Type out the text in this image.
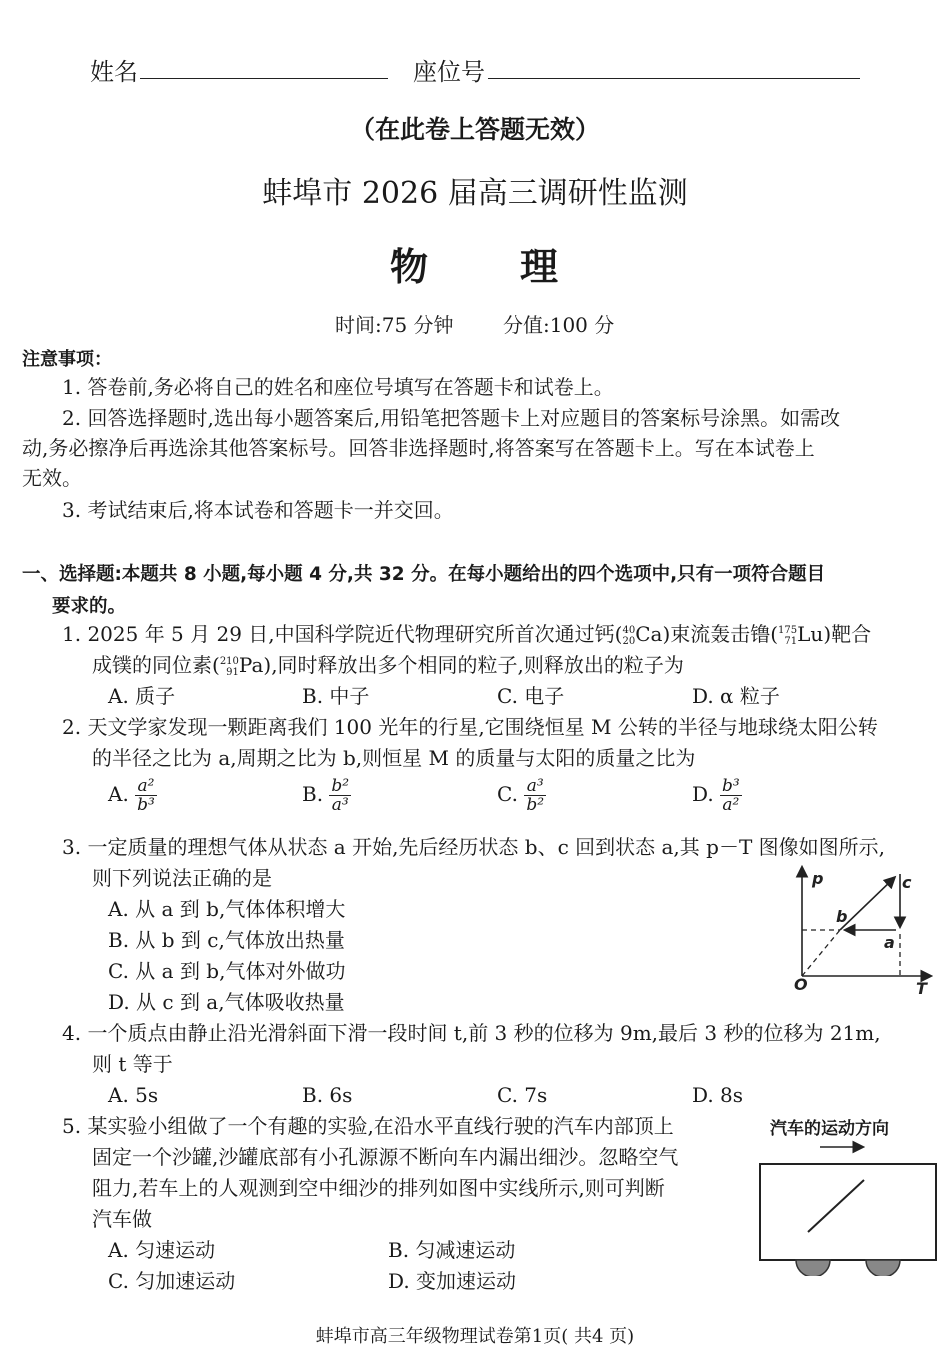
姓名	座位号
（在此卷上答题无效）
蚌埠市 2026 届高三调研性监测
物 理
时间:75 分钟 分值:100 分
注意事项：
1. 答卷前,务必将自己的姓名和座位号填写在答题卡和试卷上。
2. 回答选择题时,选出每小题答案后,用铅笔把答题卡上对应题目的答案标号涂黑。如需改
动,务必擦净后再选涂其他答案标号。回答非选择题时,将答案写在答题卡上。写在本试卷上
无效。
3. 考试结束后,将本试卷和答题卡一并交回。
一、选择题:本题共 8 小题,每小题 4 分,共 32 分。在每小题给出的四个选项中,只有一项符合题目
要求的。
1. 2025 年 5 月 29 日,中国科学院近代物理研究所首次通过钙( 40
20 Ca)束流轰击镥( 175
71 Lu)靶合
成镤的同位素( 210
91 Pa),同时释放出多个相同的粒子,则释放出的粒子为
A. 质子	B. 中子	C. 电子	D. α 粒子
2. 天文学家发现一颗距离我们 100 光年的行星,它围绕恒星 M 公转的半径与地球绕太阳公转
的半径之比为 a,周期之比为 b,则恒星 M 的质量与太阳的质量之比为
A. $\frac{\text{a²}}{\text{b³}}$	B. $\frac{\text{b²}}{\text{a³}}$	C. $\frac{\text{a³}}{\text{b²}}$	D. $\frac{\text{b³}}{\text{a²}}$
3. 一定质量的理想气体从状态 a 开始,先后经历状态 b、c 回到状态 a,其 p－T 图像如图所示,
则下列说法正确的是
A. 从 a 到 b,气体体积增大
B. 从 b 到 c,气体放出热量
C. 从 a 到 b,气体对外做功
D. 从 c 到 a,气体吸收热量
p
T
O
a
b
c
4. 一个质点由静止沿光滑斜面下滑一段时间 t,前 3 秒的位移为 9m,最后 3 秒的位移为 21m,
则 t 等于
A. 5s	B. 6s	C. 7s	D. 8s
5. 某实验小组做了一个有趣的实验,在沿水平直线行驶的汽车内部顶上
固定一个沙罐,沙罐底部有小孔源源不断向车内漏出细沙。忽略空气
阻力,若车上的人观测到空中细沙的排列如图中实线所示,则可判断
汽车做
A. 匀速运动	B. 匀减速运动
C. 匀加速运动	D. 变加速运动
汽车的运动方向
蚌埠市高三年级物理试卷第1页( 共4 页)
